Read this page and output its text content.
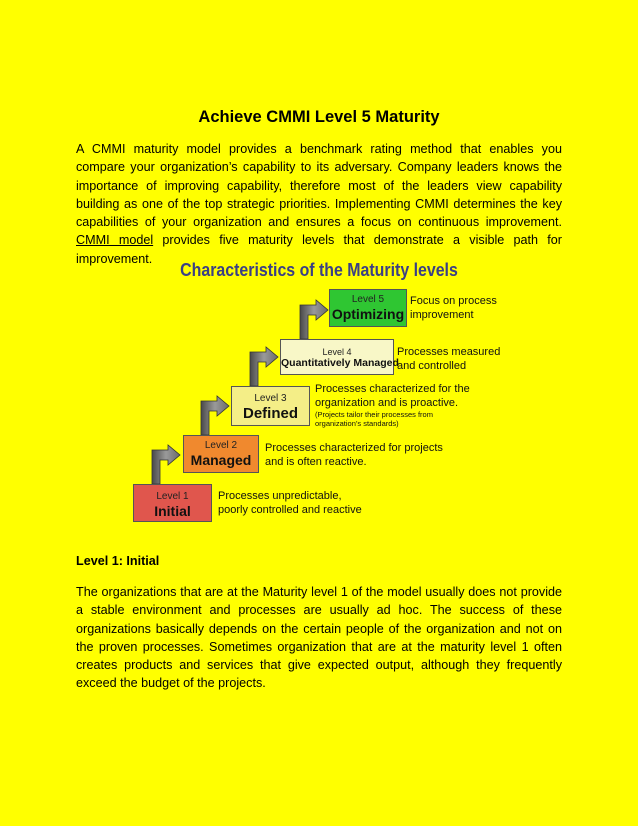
Achieve CMMI Level 5 Maturity
A CMMI maturity model provides a benchmark rating method that enables you compare your organization’s capability to its adversary. Company leaders knows the importance of improving capability, therefore most of the leaders view capability building as one of the top strategic priorities. Implementing CMMI determines the key capabilities of your organization and ensures a focus on continuous improvement. CMMI model provides five maturity levels that demonstrate a visible path for improvement.
Characteristics of the Maturity levels
Level 1
Initial
Level 2
Managed
Level 3
Defined
Level 4
Quantitatively Managed
Level 5
Optimizing
Processes unpredictable,
poorly controlled and reactive
Processes characterized for projects
and is often reactive.
Processes characterized for the
organization and is proactive.
(Projects tailor their processes from
organization’s standards)
Processes measured
and controlled
Focus on process
improvement
Level 1: Initial
The organizations that are at the Maturity level 1 of the model usually does not provide a stable environment and processes are usually ad hoc. The success of these organizations basically depends on the certain people of the organization and not on the proven processes. Sometimes organization that are at the maturity level 1 often creates products and services that give expected output, although they frequently exceed the budget of the projects.
